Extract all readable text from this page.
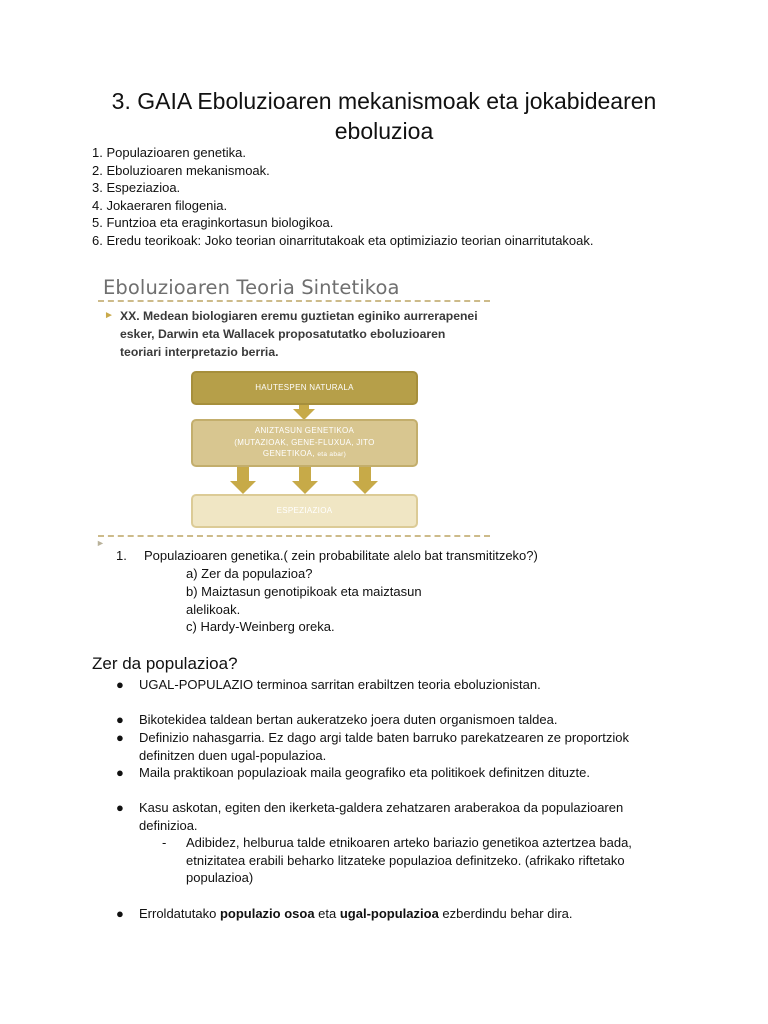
3. GAIA Eboluzioaren mekanismoak eta jokabidearen eboluzioa
1. Populazioaren genetika.
2. Eboluzioaren mekanismoak.
3. Espeziazioa.
4. Jokaeraren filogenia.
5. Funtzioa eta eraginkortasun biologikoa.
6. Eredu teorikoak: Joko teorian oinarritutakoak eta optimiziazio teorian oinarritutakoak.
Eboluzioaren Teoria Sintetikoa
► XX. Medean biologiaren eremu guztietan eginiko aurrerapenei esker, Darwin eta Wallacek proposatutatko eboluzioaren teoriari interpretazio berria.
HAUTESPEN NATURALA
ANIZTASUN GENETIKOA
(MUTAZIOAK, GENE-FLUXUA, JITO
GENETIKOA, eta abar)
ESPEZIAZIOA
►
1. Populazioaren genetika.( zein probabilitate alelo bat transmititzeko?)
a) Zer da populazioa?
b) Maiztasun genotipikoak eta maiztasun
alelikoak.
c) Hardy-Weinberg oreka.
Zer da populazioa?
● UGAL-POPULAZIO terminoa sarritan erabiltzen teoria eboluzionistan.
● Bikotekidea taldean bertan aukeratzeko joera duten organismoen taldea.
● Definizio nahasgarria. Ez dago argi talde baten barruko parekatzearen ze proportziok definitzen duen ugal-populazioa.
● Maila praktikoan populazioak maila geografiko eta politikoek definitzen dituzte.
● Kasu askotan, egiten den ikerketa-galdera zehatzaren araberakoa da populazioaren definizioa.
- Adibidez, helburua talde etnikoaren arteko bariazio genetikoa aztertzea bada, etnizitatea erabili beharko litzateke populazioa definitzeko. (afrikako riftetako populazioa)
● Erroldatutako populazio osoa eta ugal-populazioa ezberdindu behar dira.
